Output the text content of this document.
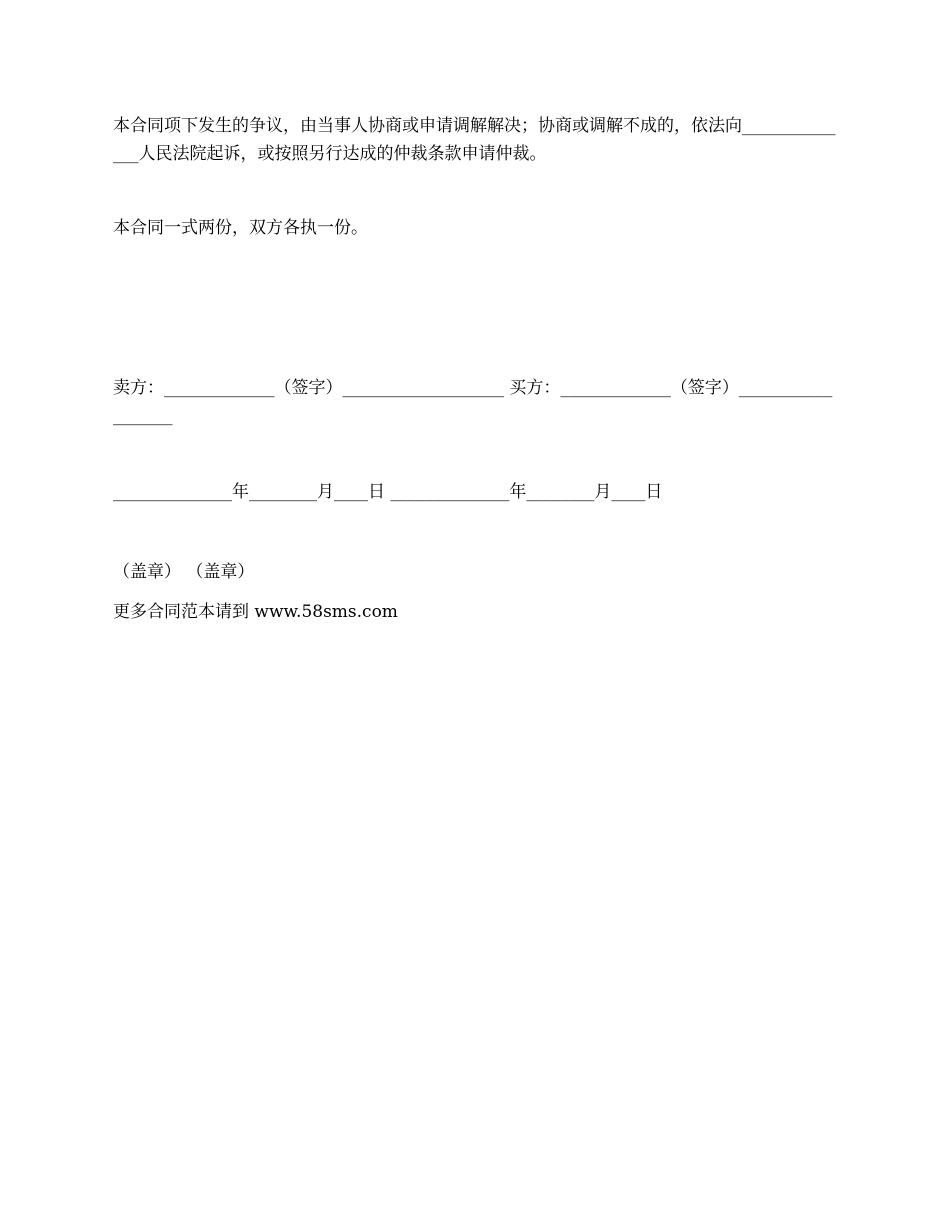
本合同项下发生的争议，由当事人协商或申请调解解决；协商或调解不成的，依法向______________人民法院起诉，或按照另行达成的仲裁条款申请仲裁。

本合同一式两份，双方各执一份。

卖方：_____________（签字）___________________ 买方：_____________（签字）__________________

______________年________月____日 ______________年________月____日

（盖章） （盖章）

更多合同范本请到 www.58sms.com
